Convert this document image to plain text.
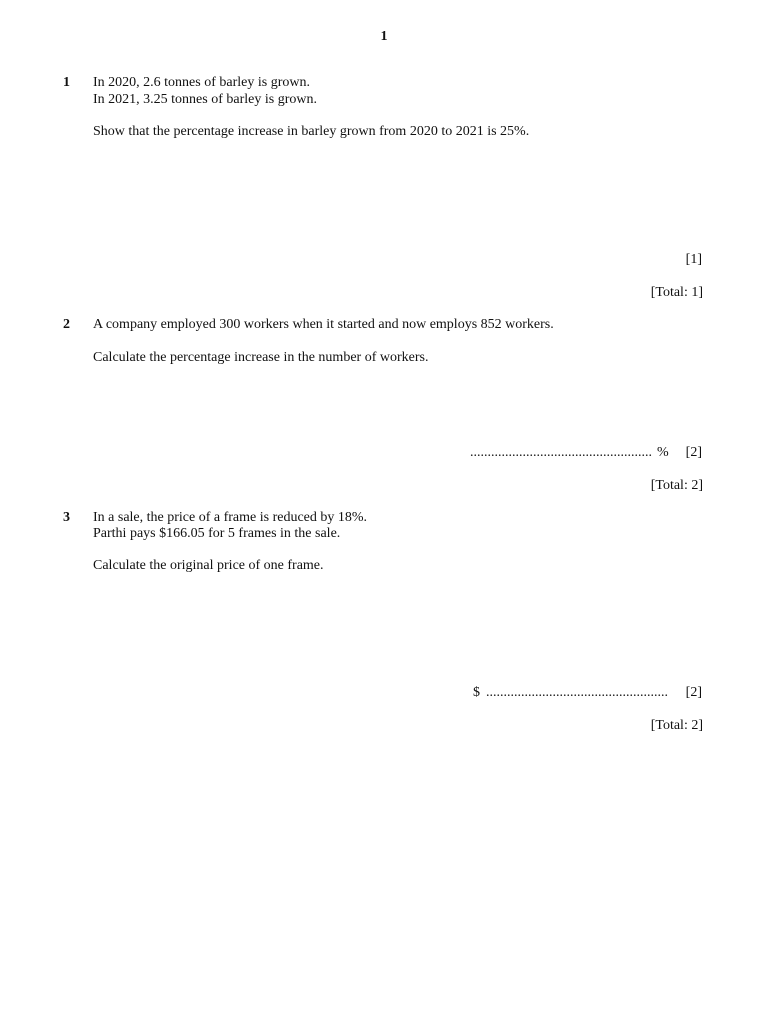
1
1 In 2020, 2.6 tonnes of barley is grown.
In 2021, 3.25 tonnes of barley is grown.
Show that the percentage increase in barley grown from 2020 to 2021 is 25%.
[1]
[Total: 1]
2 A company employed 300 workers when it started and now employs 852 workers.
Calculate the percentage increase in the number of workers.
.................................................... % [2]
[Total: 2]
3 In a sale, the price of a frame is reduced by 18%.
Parthi pays $166.05 for 5 frames in the sale.
Calculate the original price of one frame.
$ .................................................... [2]
[Total: 2]
